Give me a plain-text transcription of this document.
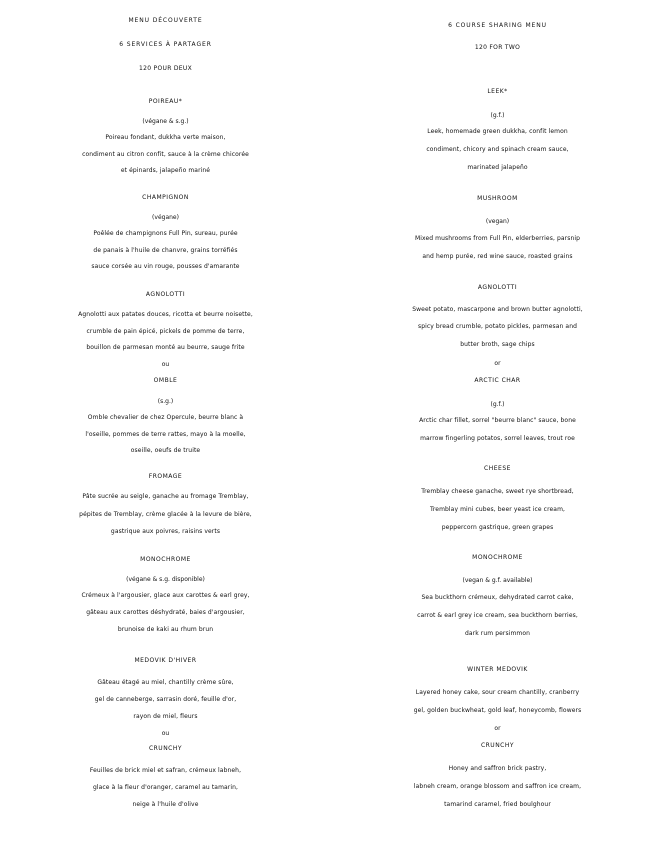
MENU DÉCOUVERTE
6 SERVICES À PARTAGER
120 POUR DEUX
POIREAU*
(végane & s.g.)
Poireau fondant, dukkha verte maison,
condiment au citron confit, sauce à la crème chicorée
et épinards, jalapeño mariné
CHAMPIGNON
(végane)
Poêlée de champignons Full Pin, sureau, purée
de panais à l'huile de chanvre, grains torréfiés
sauce corsée au vin rouge, pousses d'amarante
AGNOLOTTI
Agnolotti aux patates douces, ricotta et beurre noisette,
crumble de pain épicé, pickels de pomme de terre,
bouillon de parmesan monté au beurre, sauge frite
ou
OMBLE
(s.g.)
Omble chevalier de chez Opercule, beurre blanc à
l'oseille, pommes de terre rattes, mayo à la moelle,
oseille, oeufs de truite
FROMAGE
Pâte sucrée au seigle, ganache au fromage Tremblay,
pépites de Tremblay, crème glacée à la levure de bière,
gastrique aux poivres, raisins verts
MONOCHROME
(végane & s.g. disponible)
Crémeux à l'argousier, glace aux carottes & earl grey,
gâteau aux carottes déshydraté, baies d'argousier,
brunoise de kaki au rhum brun
MEDOVIK D'HIVER
Gâteau étagé au miel, chantilly crème sûre,
gel de canneberge, sarrasin doré, feuille d'or,
rayon de miel, fleurs
ou
CRUNCHY
Feuilles de brick miel et safran, crémeux labneh,
glace à la fleur d'oranger, caramel au tamarin,
neige à l'huile d'olive
6 COURSE SHARING MENU
120 FOR TWO
LEEK*
(g.f.)
Leek, homemade green dukkha, confit lemon
condiment, chicory and spinach cream sauce,
marinated jalapeño
MUSHROOM
(vegan)
Mixed mushrooms from Full Pin, elderberries, parsnip
and hemp purée, red wine sauce, roasted grains
AGNOLOTTI
Sweet potato, mascarpone and brown butter agnolotti,
spicy bread crumble, potato pickles, parmesan and
butter broth, sage chips
or
ARCTIC CHAR
(g.f.)
Arctic char fillet, sorrel "beurre blanc" sauce, bone
marrow fingerling potatos, sorrel leaves, trout roe
CHEESE
Tremblay cheese ganache, sweet rye shortbread,
Tremblay mini cubes, beer yeast ice cream,
peppercorn gastrique, green grapes
MONOCHROME
(vegan & g.f. available)
Sea buckthorn crémeux, dehydrated carrot cake,
carrot & earl grey ice cream, sea buckthorn berries,
dark rum persimmon
WINTER MEDOVIK
Layered honey cake, sour cream chantilly, cranberry
gel, golden buckwheat, gold leaf, honeycomb, flowers
or
CRUNCHY
Honey and saffron brick pastry,
labneh cream, orange blossom and saffron ice cream,
tamarind caramel, fried boulghour
